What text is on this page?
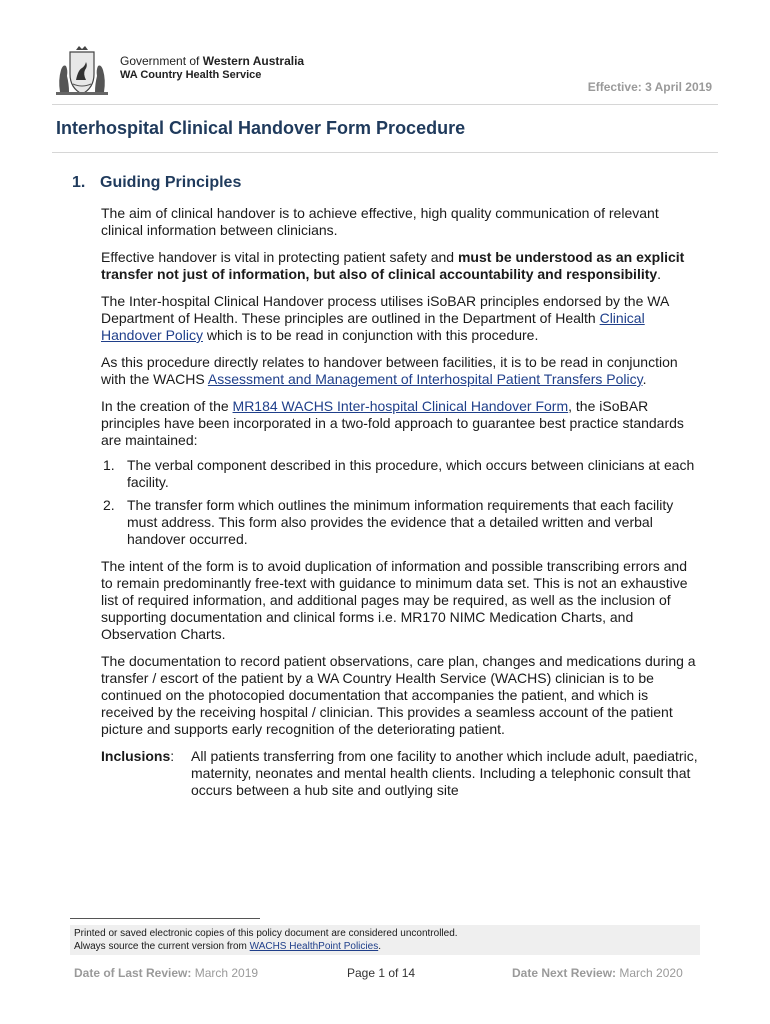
Government of Western Australia
WA Country Health Service
Effective: 3 April 2019
Interhospital Clinical Handover Form Procedure
1. Guiding Principles

The aim of clinical handover is to achieve effective, high quality communication of relevant clinical information between clinicians.

Effective handover is vital in protecting patient safety and must be understood as an explicit transfer not just of information, but also of clinical accountability and responsibility.

The Inter-hospital Clinical Handover process utilises iSoBAR principles endorsed by the WA Department of Health. These principles are outlined in the Department of Health Clinical Handover Policy which is to be read in conjunction with this procedure.

As this procedure directly relates to handover between facilities, it is to be read in conjunction with the WACHS Assessment and Management of Interhospital Patient Transfers Policy.

In the creation of the MR184 WACHS Inter-hospital Clinical Handover Form, the iSoBAR principles have been incorporated in a two-fold approach to guarantee best practice standards are maintained:

1. The verbal component described in this procedure, which occurs between clinicians at each facility.
2. The transfer form which outlines the minimum information requirements that each facility must address. This form also provides the evidence that a detailed written and verbal handover occurred.

The intent of the form is to avoid duplication of information and possible transcribing errors and to remain predominantly free-text with guidance to minimum data set. This is not an exhaustive list of required information, and additional pages may be required, as well as the inclusion of supporting documentation and clinical forms i.e. MR170 NIMC Medication Charts, and Observation Charts.

The documentation to record patient observations, care plan, changes and medications during a transfer / escort of the patient by a WA Country Health Service (WACHS) clinician is to be continued on the photocopied documentation that accompanies the patient, and which is received by the receiving hospital / clinician. This provides a seamless account of the patient picture and supports early recognition of the deteriorating patient.

Inclusions: All patients transferring from one facility to another which include adult, paediatric, maternity, neonates and mental health clients. Including a telephonic consult that occurs between a hub site and outlying site
Printed or saved electronic copies of this policy document are considered uncontrolled.
Always source the current version from WACHS HealthPoint Policies.
Date of Last Review: March 2019	Page 1 of 14	Date Next Review: March 2020
